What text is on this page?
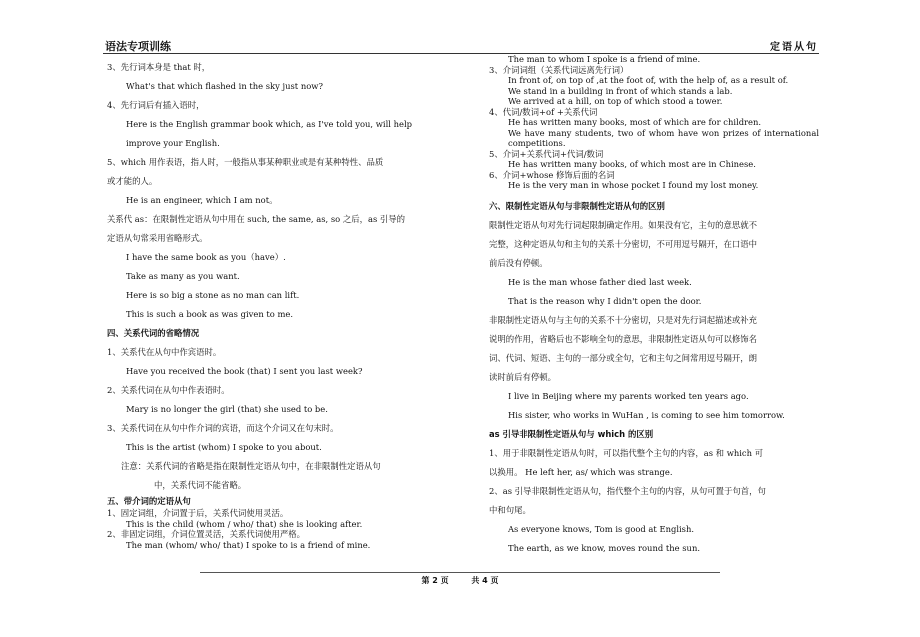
语法专项训练	定语从句
3、先行词本身是 that 时，
What's that which flashed in the sky just now?
4、先行词后有插入语时，
Here is the English grammar book which, as I've told you, will help
improve your English.
5、which 用作表语，指人时，一般指从事某种职业或是有某种特性、品质
或才能的人。
He is an engineer, which I am not。
关系代 as：在限制性定语从句中用在 such, the same, as, so 之后，as 引导的
定语从句常采用省略形式。
I have the same book as you（have）.
Take as many as you want.
Here is so big a stone as no man can lift.
This is such a book as was given to me.
四、关系代词的省略情况
1、关系代在从句中作宾语时。
Have you received the book (that) I sent you last week?
2、关系代词在从句中作表语时。
Mary is no longer the girl (that) she used to be.
3、关系代词在从句中作介词的宾语，而这个介词又在句末时。
This is the artist (whom) I spoke to you about.
注意：关系代词的省略是指在限制性定语从句中，在非限制性定语从句
中，关系代词不能省略。
五、带介词的定语从句
1、固定词组，介词置于后，关系代词使用灵活。
This is the child (whom / who/ that) she is looking after.
2、非固定词组，介词位置灵活，关系代词使用严格。
The man (whom/ who/ that) I spoke to is a friend of mine.
The man to whom I spoke is a friend of mine.
3、介词词组（关系代词远离先行词）
In front of, on top of ,at the foot of, with the help of, as a result of.
We stand in a building in front of which stands a lab.
We arrived at a hill, on top of which stood a tower.
4、代词/数词+of +关系代词
He has written many books, most of which are for children.
We have many students, two of whom have won prizes of international competitions.
5、介词+关系代词+代词/数词
He has written many books, of which most are in Chinese.
6、介词+whose 修饰后面的名词
He is the very man in whose pocket I found my lost money.
六、限制性定语从句与非限制性定语从句的区别
限制性定语从句对先行词起限制确定作用。如果没有它，主句的意思就不
完整，这种定语从句和主句的关系十分密切，不可用逗号隔开，在口语中
前后没有停顿。
He is the man whose father died last week.
That is the reason why I didn't open the door.
非限制性定语从句与主句的关系不十分密切，只是对先行词起描述或补充
说明的作用，省略后也不影响全句的意思，非限制性定语从句可以修饰名
词、代词、短语、主句的一部分或全句，它和主句之间常用逗号隔开，朗
读时前后有停顿。
I live in Beijing where my parents worked ten years ago.
His sister, who works in WuHan , is coming to see him tomorrow.
as 引导非限制性定语从句与 which 的区别
1、用于非限制性定语从句时，可以指代整个主句的内容，as 和 which 可
以换用。 He left her, as/ which was strange.
2、as 引导非限制性定语从句，指代整个主句的内容，从句可置于句首，句
中和句尾。
As everyone knows, Tom is good at English.
The earth, as we know, moves round the sun.
第 2 页	共 4 页
